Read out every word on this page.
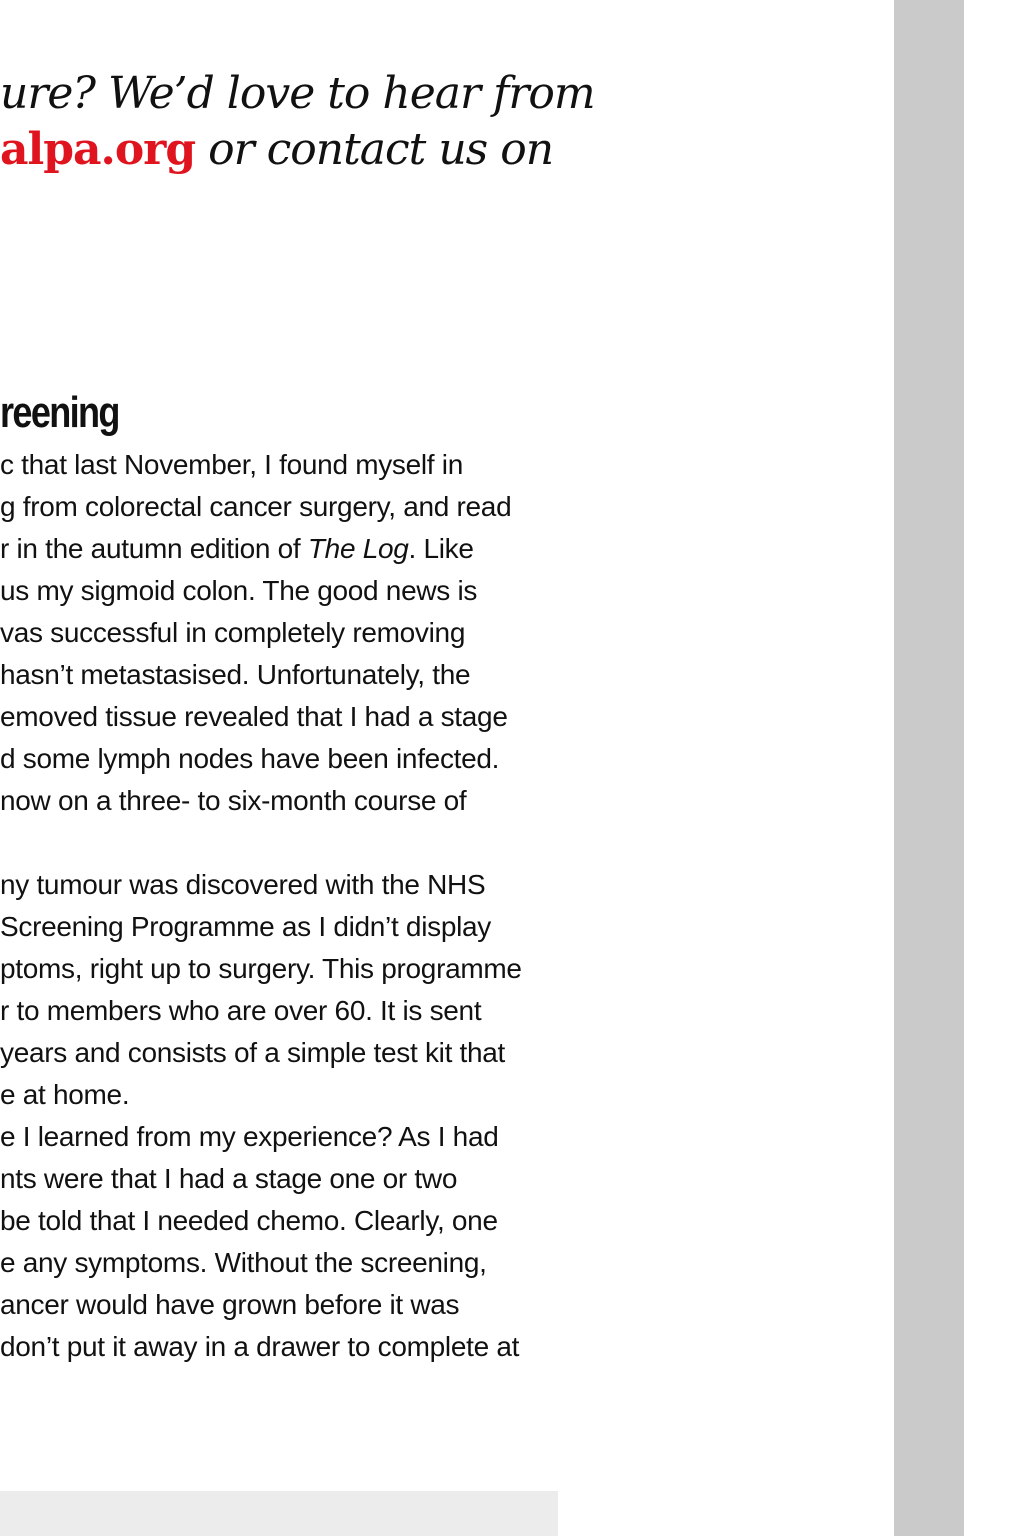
ure? We’d love to hear from
alpa.org or contact us on
reening
c that last November, I found myself in
g from colorectal cancer surgery, and read
r in the autumn edition of The Log. Like
us my sigmoid colon. The good news is
vas successful in completely removing
hasn’t metastasised. Unfortunately, the
emoved tissue revealed that I had a stage
d some lymph nodes have been infected.
now on a three- to six-month course of
ny tumour was discovered with the NHS
Screening Programme as I didn’t display
ptoms, right up to surgery. This programme
r to members who are over 60. It is sent
years and consists of a simple test kit that
e at home.
e I learned from my experience? As I had
nts were that I had a stage one or two
be told that I needed chemo. Clearly, one
e any symptoms. Without the screening,
ancer would have grown before it was
don’t put it away in a drawer to complete at
